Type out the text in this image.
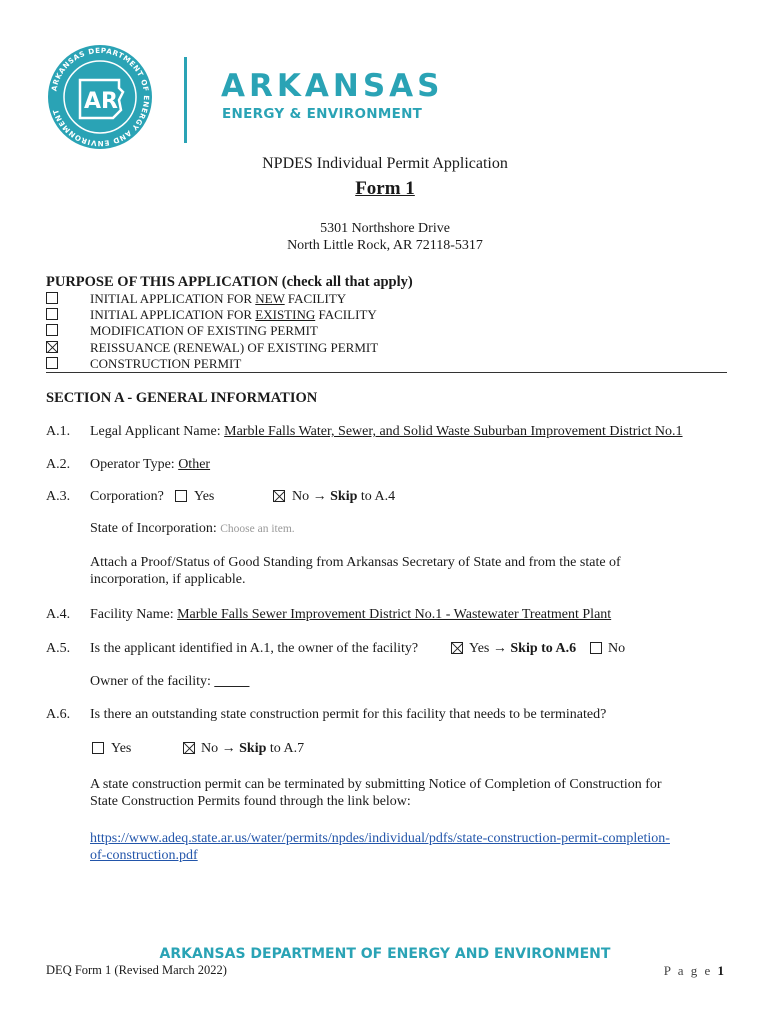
ARKANSAS DEPARTMENT OF ENERGY AND ENVIRONMENT	AR	ARKANSAS
ENERGY & ENVIRONMENT
NPDES Individual Permit Application
Form 1
5301 Northshore Drive
North Little Rock, AR 72118-5317
PURPOSE OF THIS APPLICATION (check all that apply)
INITIAL APPLICATION FOR NEW FACILITY
INITIAL APPLICATION FOR EXISTING FACILITY
MODIFICATION OF EXISTING PERMIT
REISSUANCE (RENEWAL) OF EXISTING PERMIT
CONSTRUCTION PERMIT
SECTION A - GENERAL INFORMATION
A.1. Legal Applicant Name: Marble Falls Water, Sewer, and Solid Waste Suburban Improvement District No.1
A.2. Operator Type: Other
A.3. Corporation? Yes	No → Skip to A.4
State of Incorporation: Choose an item.
Attach a Proof/Status of Good Standing from Arkansas Secretary of State and from the state of
incorporation, if applicable.
A.4. Facility Name: Marble Falls Sewer Improvement District No.1 - Wastewater Treatment Plant
A.5. Is the applicant identified in A.1, the owner of the facility?	Yes → Skip to A.6 No
Owner of the facility: _____
A.6. Is there an outstanding state construction permit for this facility that needs to be terminated?
Yes	No → Skip to A.7
A state construction permit can be terminated by submitting Notice of Completion of Construction for
State Construction Permits found through the link below:
https://www.adeq.state.ar.us/water/permits/npdes/individual/pdfs/state-construction-permit-completion-
of-construction.pdf
ARKANSAS DEPARTMENT OF ENERGY AND ENVIRONMENT
DEQ Form 1 (Revised March 2022)	P a g e 1
